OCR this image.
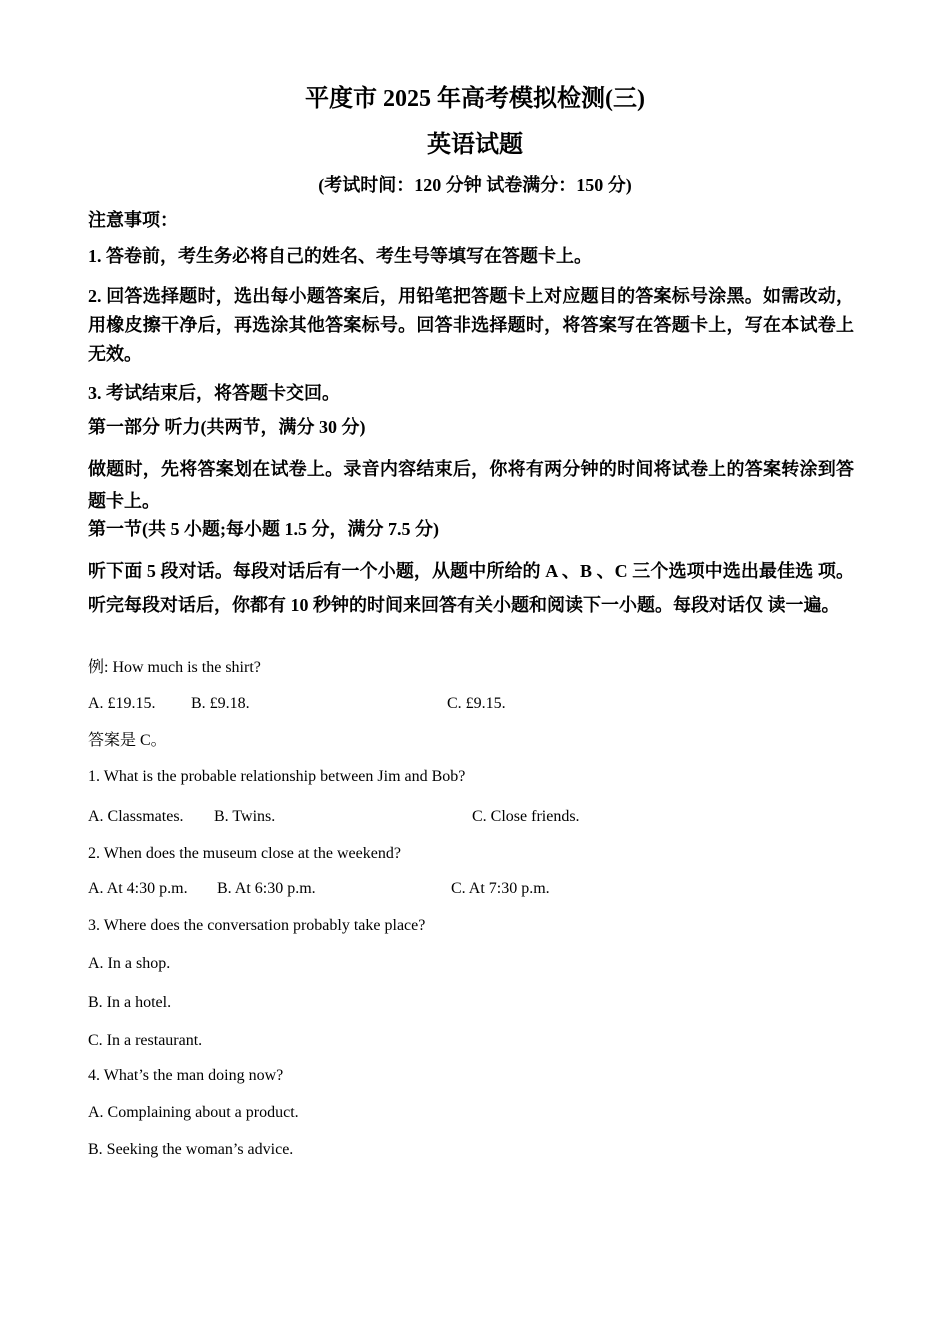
平度市 2025 年高考模拟检测(三)
英语试题
(考试时间：120 分钟 试卷满分：150 分)
注意事项：
1. 答卷前，考生务必将自己的姓名、考生号等填写在答题卡上。
2. 回答选择题时，选出每小题答案后，用铅笔把答题卡上对应题目的答案标号涂黑。如需改动，用橡皮擦干净后，再选涂其他答案标号。回答非选择题时，将答案写在答题卡上，写在本试卷上无效。
3. 考试结束后，将答题卡交回。
第一部分 听力(共两节，满分 30 分)
做题时，先将答案划在试卷上。录音内容结束后，你将有两分钟的时间将试卷上的答案转涂到答题卡上。
第一节(共 5 小题;每小题 1.5 分，满分 7.5 分)
听下面 5 段对话。每段对话后有一个小题，从题中所给的 A 、B 、C 三个选项中选出最佳选 项。听完每段对话后，你都有 10 秒钟的时间来回答有关小题和阅读下一小题。每段对话仅 读一遍。
例: How much is the shirt?
A. £19.15. B. £9.18.	C. £9.15.
答案是 C。
1. What is the probable relationship between Jim and Bob?
A. Classmates. B. Twins.	C. Close friends.
2. When does the museum close at the weekend?
A. At 4:30 p.m. B. At 6:30 p.m.	C. At 7:30 p.m.
3. Where does the conversation probably take place?
A. In a shop.
B. In a hotel.
C. In a restaurant.
4. What’s the man doing now?
A. Complaining about a product.
B. Seeking the woman’s advice.
